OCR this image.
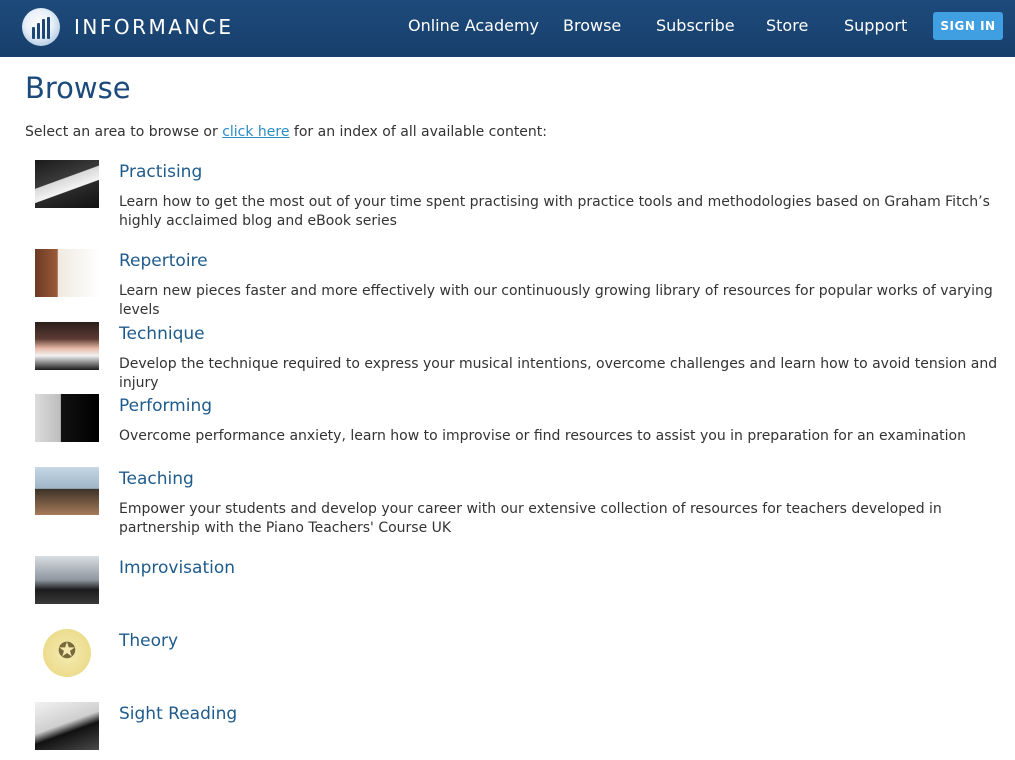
INFORMANCE	Online Academy Browse Subscribe Store Support	SIGN IN
Browse
Select an area to browse or click here for an index of all available content:
Practising
Learn how to get the most out of your time spent practising with practice tools and methodologies based on Graham Fitch’s highly acclaimed blog and eBook series
Repertoire
Learn new pieces faster and more effectively with our continuously growing library of resources for popular works of varying levels
Technique
Develop the technique required to express your musical intentions, overcome challenges and learn how to avoid tension and injury
Performing
Overcome performance anxiety, learn how to improvise or find resources to assist you in preparation for an examination
Teaching
Empower your students and develop your career with our extensive collection of resources for teachers developed in partnership with the Piano Teachers' Course UK
Improvisation
✪	Theory
Sight Reading
